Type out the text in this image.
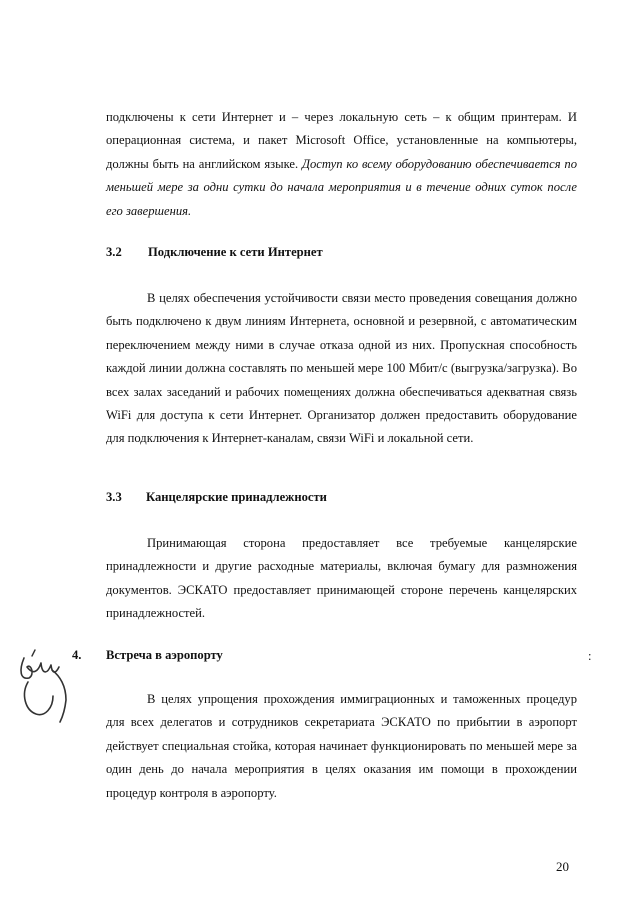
подключены к сети Интернет и – через локальную сеть – к общим принтерам. И операционная система, и пакет Microsoft Office, установленные на компьютеры, должны быть на английском языке. Доступ ко всему оборудованию обеспечивается по меньшей мере за одни сутки до начала мероприятия и в течение одних суток после его завершения.

3.2 Подключение к сети Интернет

В целях обеспечения устойчивости связи место проведения совещания должно быть подключено к двум линиям Интернета, основной и резервной, с автоматическим переключением между ними в случае отказа одной из них. Пропускная способность каждой линии должна составлять по меньшей мере 100 Мбит/с (выгрузка/загрузка). Во всех залах заседаний и рабочих помещениях должна обеспечиваться адекватная связь WiFi для доступа к сети Интернет. Организатор должен предоставить оборудование для подключения к Интернет-каналам, связи WiFi и локальной сети.

3.3 Канцелярские принадлежности

Принимающая сторона предоставляет все требуемые канцелярские принадлежности и другие расходные материалы, включая бумагу для размножения документов. ЭСКАТО предоставляет принимающей стороне перечень канцелярских принадлежностей.

4. Встреча в аэропорту	:

В целях упрощения прохождения иммиграционных и таможенных процедур для всех делегатов и сотрудников секретариата ЭСКАТО по прибытии в аэропорт действует специальная стойка, которая начинает функционировать по меньшей мере за один день до начала мероприятия в целях оказания им помощи в прохождении процедур контроля в аэропорту.

20
